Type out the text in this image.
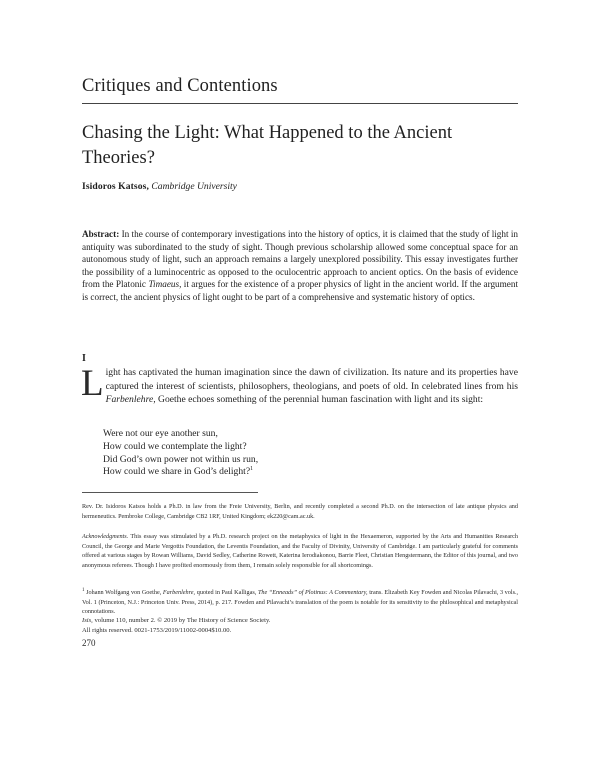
Critiques and Contentions
Chasing the Light: What Happened to the Ancient Theories?
Isidoros Katsos, Cambridge University
Abstract: In the course of contemporary investigations into the history of optics, it is claimed that the study of light in antiquity was subordinated to the study of sight. Though previous scholarship allowed some conceptual space for an autonomous study of light, such an approach remains a largely unexplored possibility. This essay investigates further the possibility of a luminocentric as opposed to the oculocentric approach to ancient optics. On the basis of evidence from the Platonic Timaeus, it argues for the existence of a proper physics of light in the ancient world. If the argument is correct, the ancient physics of light ought to be part of a comprehensive and systematic history of optics.
I
L ight has captivated the human imagination since the dawn of civilization. Its nature and its properties have captured the interest of scientists, philosophers, theologians, and poets of old. In celebrated lines from his Farbenlehre, Goethe echoes something of the perennial human fascination with light and its sight:
Were not our eye another sun,
How could we contemplate the light?
Did God’s own power not within us run,
How could we share in God’s delight?$^1$
Rev. Dr. Isidoros Katsos holds a Ph.D. in law from the Freie University, Berlin, and recently completed a second Ph.D. on the intersection of late antique physics and hermeneutics. Pembroke College, Cambridge CB2 1RF, United Kingdom; ek220@cam.ac.uk.
Acknowledgments. This essay was stimulated by a Ph.D. research project on the metaphysics of light in the Hexaemeron, supported by the Arts and Humanities Research Council, the George and Marie Vergottis Foundation, the Leventis Foundation, and the Faculty of Divinity, University of Cambridge. I am particularly grateful for comments offered at various stages by Rowan Williams, David Sedley, Catherine Rowett, Katerina Ierodiakonou, Barrie Fleet, Christian Hengstermann, the Editor of this journal, and two anonymous referees. Though I have profited enormously from them, I remain solely responsible for all shortcomings.
$^1$ Johann Wolfgang von Goethe, Farbenlehre, quoted in Paul Kalligas, The “Enneads” of Plotinus: A Commentary, trans. Elizabeth Key Fowden and Nicolas Pilavachi, 3 vols., Vol. 1 (Princeton, N.J.: Princeton Univ. Press, 2014), p. 217. Fowden and Pilavachi’s translation of the poem is notable for its sensitivity to the philosophical and metaphysical connotations.
Isis, volume 110, number 2. © 2019 by The History of Science Society.
All rights reserved. 0021-1753/2019/11002-0004$10.00.
270
